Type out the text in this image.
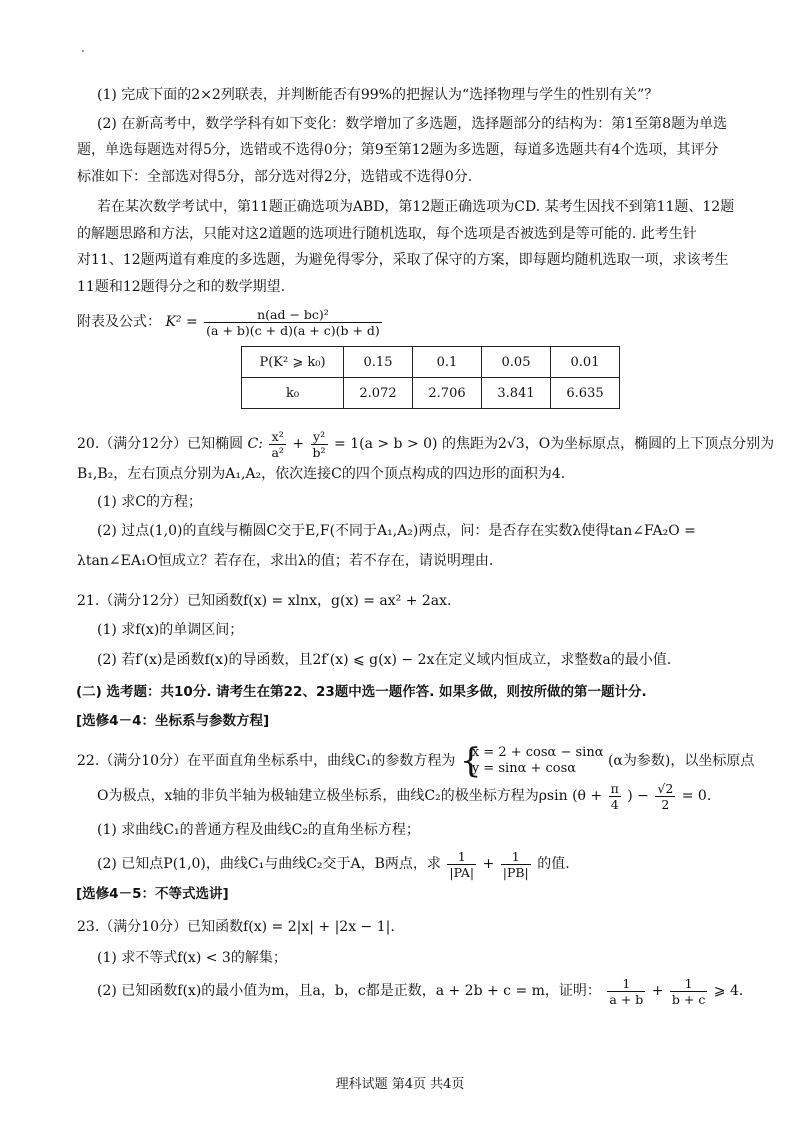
(1) 完成下面的2×2列联表，并判断能否有99%的把握认为“选择物理与学生的性别有关”？
(2) 在新高考中，数学学科有如下变化：数学增加了多选题，选择题部分的结构为：第1至第8题为单选
题，单选每题选对得5分，选错或不选得0分；第9至第12题为多选题，每道多选题共有4个选项，其评分
标准如下：全部选对得5分，部分选对得2分，选错或不选得0分.
若在某次数学考试中，第11题正确选项为ABD，第12题正确选项为CD. 某考生因找不到第11题、12题
的解题思路和方法，只能对这2道题的选项进行随机选取，每个选项是否被选到是等可能的. 此考生针
对11、12题两道有难度的多选题，为避免得零分，采取了保守的方案，即每题均随机选取一项，求该考生
11题和12题得分之和的数学期望.
附表及公式： $K^2 = \frac{\text{n(ad − bc)²}}{(a + b)(c + d)(a + c)(b + d)}$
P(K² ⩾ k₀)	0.15	0.1	0.05	0.01
k₀	2.072	2.706	3.841	6.635
20.（满分12分）已知椭圆 C: $\frac{\text{x²}}{\text{a²}} + \frac{\text{y²}}{\text{b²}} = 1(a > b > 0)$ 的焦距为2√3，O为坐标原点，椭圆的上下顶点分别为
B₁,B₂，左右顶点分别为A₁,A₂，依次连接C的四个顶点构成的四边形的面积为4.
(1) 求C的方程；
(2) 过点(1,0)的直线与椭圆C交于E,F(不同于A₁,A₂)两点，问：是否存在实数λ使得tan∠FA₂O =
λtan∠EA₁O恒成立？若存在，求出λ的值；若不存在，请说明理由.
21.（满分12分）已知函数f(x) = xlnx，g(x) = ax² + 2ax.
(1) 求f(x)的单调区间；
(2) 若f′(x)是函数f(x)的导函数，且2f′(x) ⩽ g(x) − 2x在定义域内恒成立，求整数a的最小值.
(二) 选考题：共10分. 请考生在第22、23题中选一题作答. 如果多做，则按所做的第一题计分.
[选修4－4：坐标系与参数方程]
22.（满分10分）在平面直角坐标系中，曲线C₁的参数方程为 {
x = 2 + cosα − sinα
y = sinα + cosα	(α为参数)，以坐标原点
O为极点，x轴的非负半轴为极轴建立极坐标系，曲线C₂的极坐标方程为ρsin ($\theta + \frac{\pi}{4}$ ) − $\frac{√2}{2} = 0$.
(1) 求曲线C₁的普通方程及曲线C₂的直角坐标方程；
(2) 已知点P(1,0)，曲线C₁与曲线C₂交于A，B两点，求 $\frac{1}{|PA|} + \frac{1}{|PB|}$ 的值.
[选修4－5：不等式选讲]
23.（满分10分）已知函数f(x) = 2|x| + |2x − 1|.
(1) 求不等式f(x) < 3的解集；
(2) 已知函数f(x)的最小值为m，且a，b，c都是正数，a + 2b + c = m，证明： $\frac{1}{a + b} + \frac{1}{b + c}$ ⩾ 4.
理科试题 第4页 共4页
